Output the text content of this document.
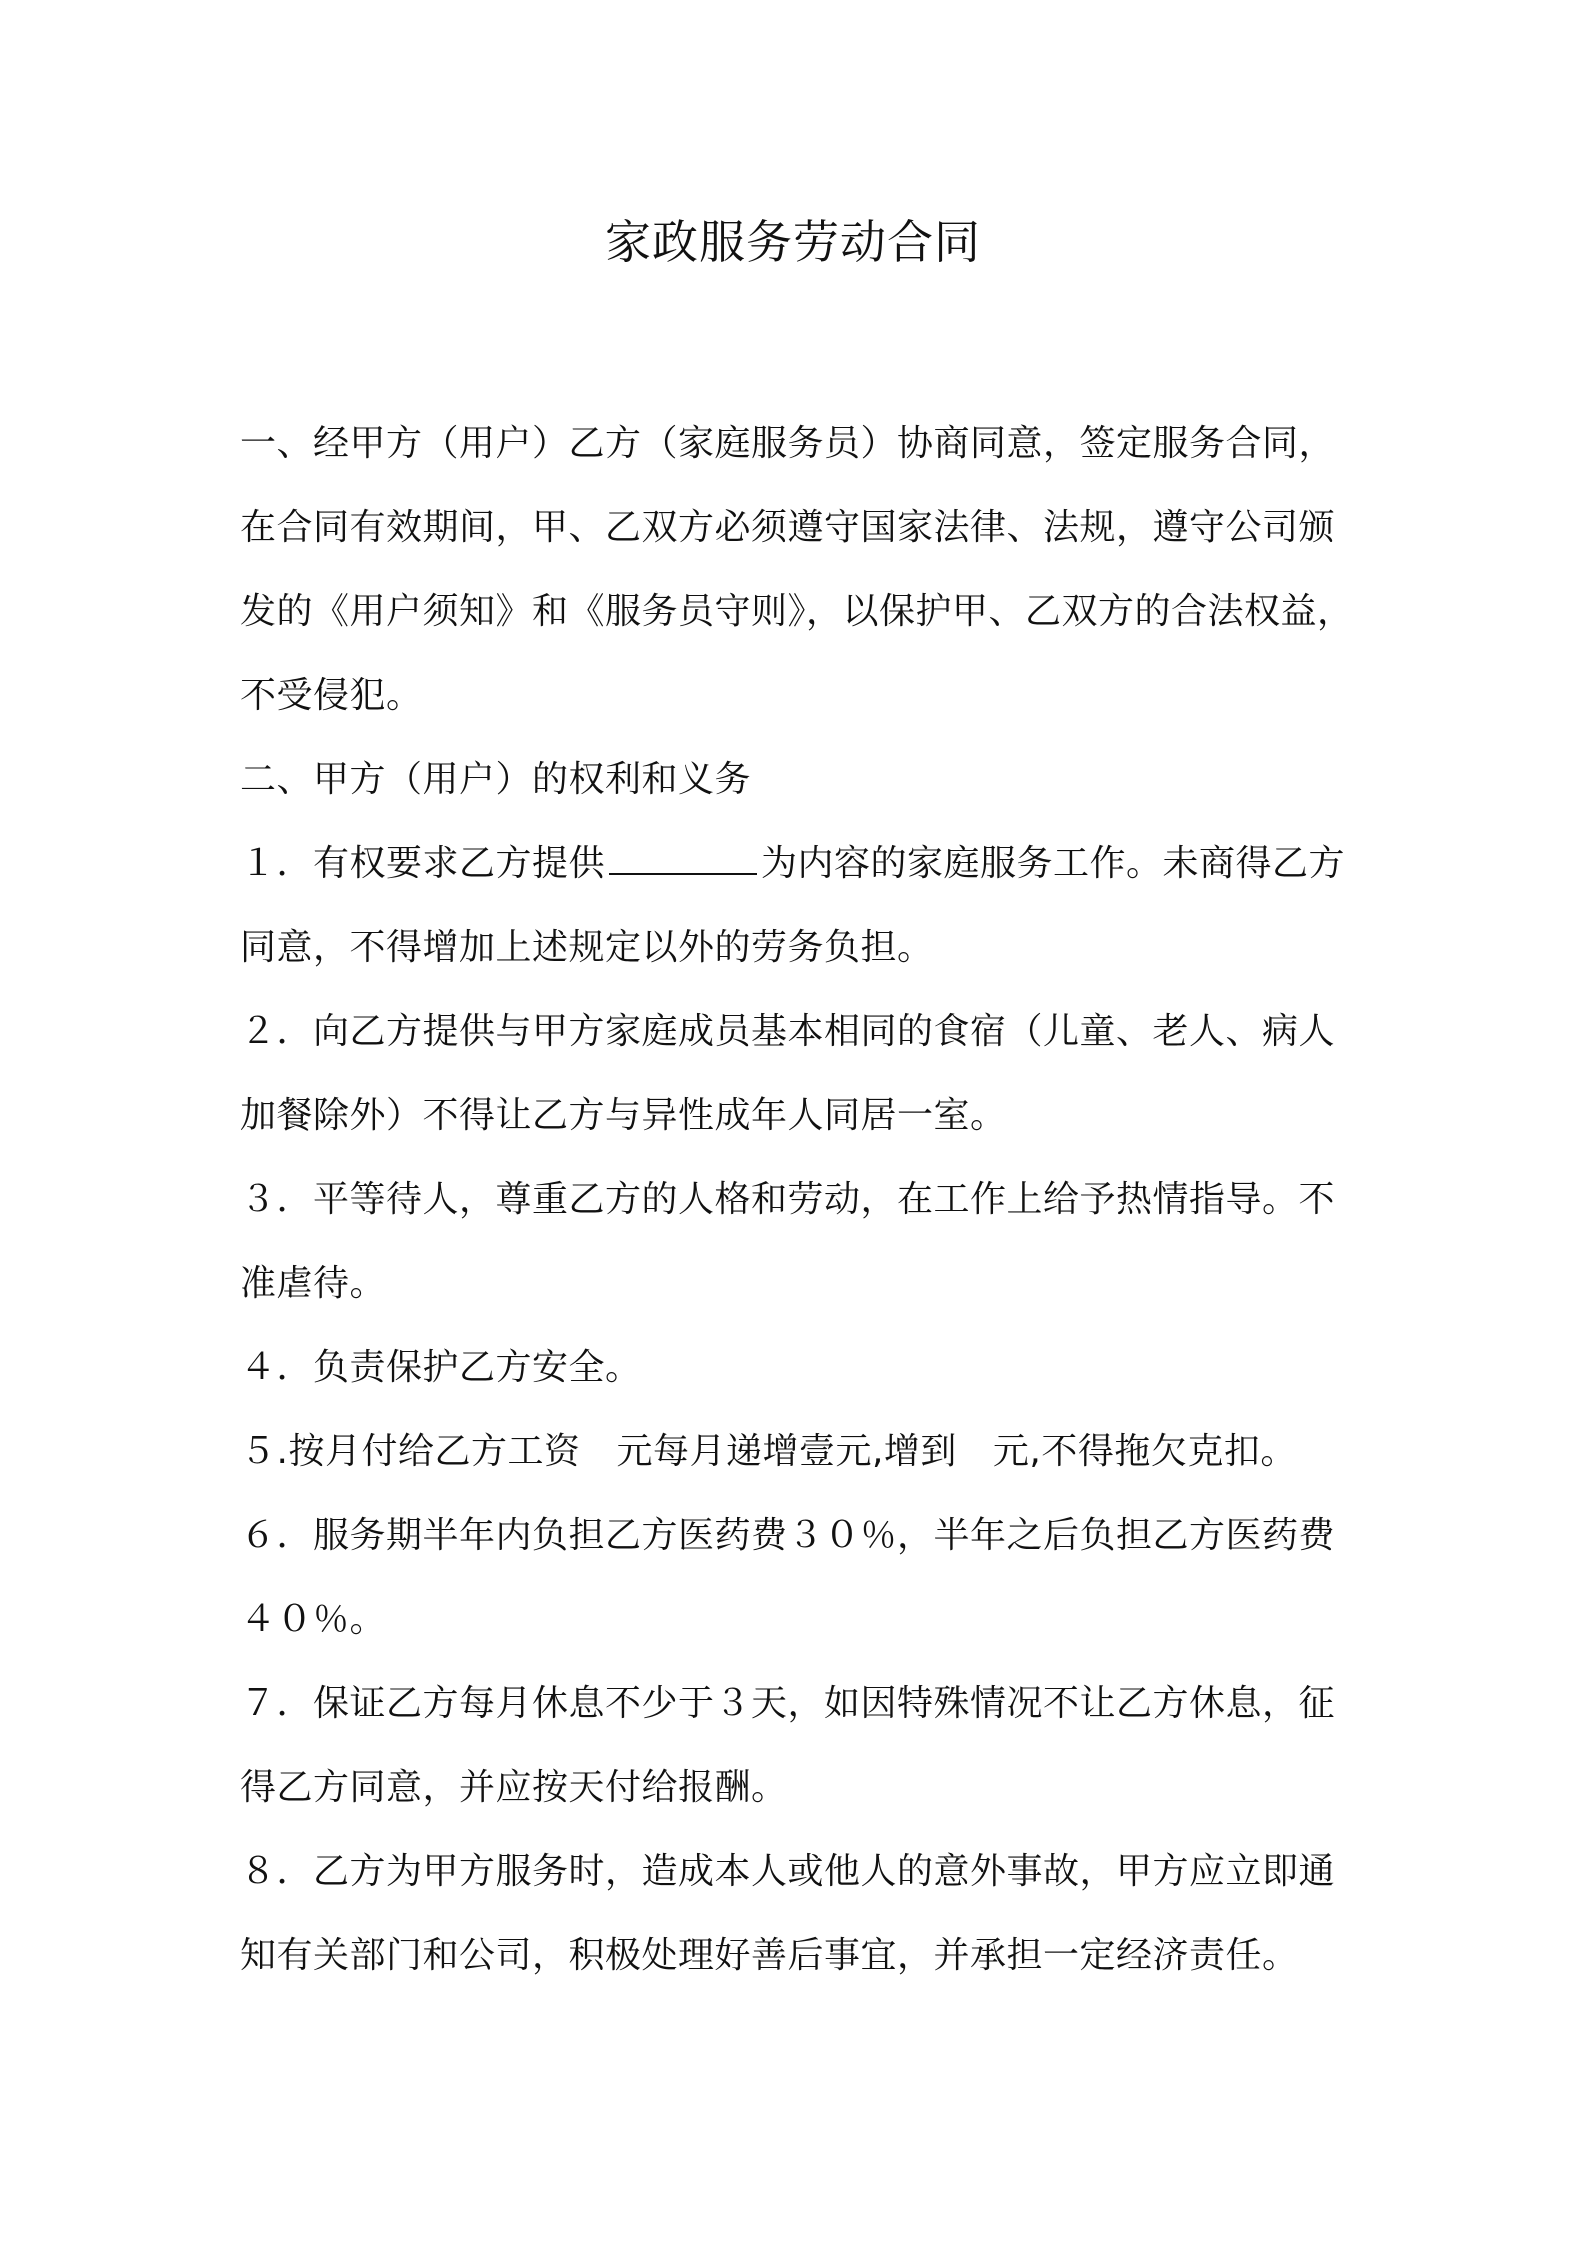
家政服务劳动合同

一、经甲方（用户）乙方（家庭服务员）协商同意，签定服务合同，
在合同有效期间，甲、乙双方必须遵守国家法律、法规，遵守公司颁
发的《用户须知》和《服务员守则》，以保护甲、乙双方的合法权益，
不受侵犯。

二、甲方（用户）的权利和义务

１．有权要求乙方提供	为内容的家庭服务工作。未商得乙方
同意，不得增加上述规定以外的劳务负担。

２．向乙方提供与甲方家庭成员基本相同的食宿（儿童、老人、病人
加餐除外）不得让乙方与异性成年人同居一室。

３．平等待人，尊重乙方的人格和劳动，在工作上给予热情指导。不
准虐待。

４．负责保护乙方安全。

５.按月付给乙方工资 元每月递增壹元,增到 元,不得拖欠克扣。

６．服务期半年内负担乙方医药费３０％，半年之后负担乙方医药费
４０％。

７．保证乙方每月休息不少于３天，如因特殊情况不让乙方休息，征
得乙方同意，并应按天付给报酬。

８．乙方为甲方服务时，造成本人或他人的意外事故，甲方应立即通
知有关部门和公司，积极处理好善后事宜，并承担一定经济责任。
